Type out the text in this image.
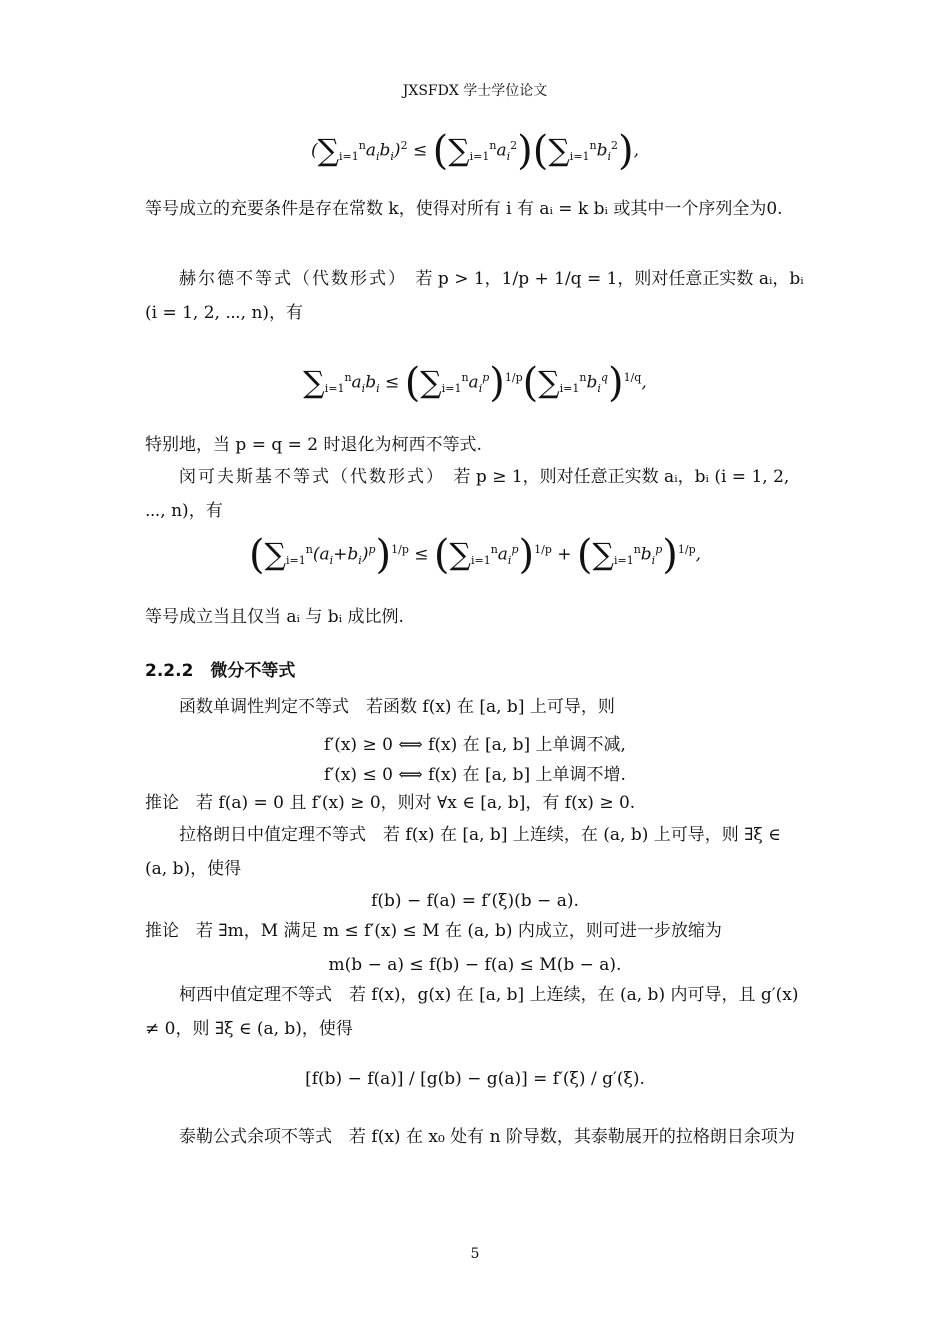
JXSFDX 学士学位论文
$(\sum_{i=1}^na_ib_i)^2 \le (\sum_{i=1}^na_i^2)(\sum_{i=1}^nb_i^2)$,
等号成立的充要条件是存在常数 k，使得对所有 i 有 aᵢ = k bᵢ 或其中一个序列全为0.
赫尔德不等式（代数形式）　 若 p > 1，1/p + 1/q = 1，则对任意正实数 aᵢ，bᵢ (i = 1, 2, ⋯, n)，有
$\sum_{i=1}^na_ib_i \le (\sum_{i=1}^na_i^p)^{1/p}(\sum_{i=1}^nb_i^q)^{1/q}$,
特别地，当 p = q = 2 时退化为柯西不等式.
闵可夫斯基不等式（代数形式）　 若 p ≥ 1，则对任意正实数 aᵢ，bᵢ (i = 1, 2, ⋯, n)，有
$(\sum_{i=1}^n(a_i+b_i)^p)^{1/p} \le (\sum_{i=1}^na_i^p)^{1/p} + (\sum_{i=1}^nb_i^p)^{1/p}$,
等号成立当且仅当 aᵢ 与 bᵢ 成比例.
2.2.2　微分不等式
函数单调性判定不等式　 若函数 f(x) 在 [a, b] 上可导，则
f′(x) ≥ 0 ⟺ f(x) 在 [a, b] 上单调不减,
f′(x) ≤ 0 ⟺ f(x) 在 [a, b] 上单调不增.
推论　若 f(a) = 0 且 f′(x) ≥ 0，则对 ∀x ∈ [a, b]，有 f(x) ≥ 0.
拉格朗日中值定理不等式　 若 f(x) 在 [a, b] 上连续，在 (a, b) 上可导，则 ∃ξ ∈ (a, b)，使得
f(b) − f(a) = f′(ξ)(b − a).
推论　若 ∃m，M 满足 m ≤ f′(x) ≤ M 在 (a, b) 内成立，则可进一步放缩为
m(b − a) ≤ f(b) − f(a) ≤ M(b − a).
柯西中值定理不等式　 若 f(x)，g(x) 在 [a, b] 上连续，在 (a, b) 内可导，且 g′(x) ≠ 0，则 ∃ξ ∈ (a, b)，使得
[f(b) − f(a)] / [g(b) − g(a)] = f′(ξ) / g′(ξ).
泰勒公式余项不等式　 若 f(x) 在 x₀ 处有 n 阶导数，其泰勒展开的拉格朗日余项为
5
